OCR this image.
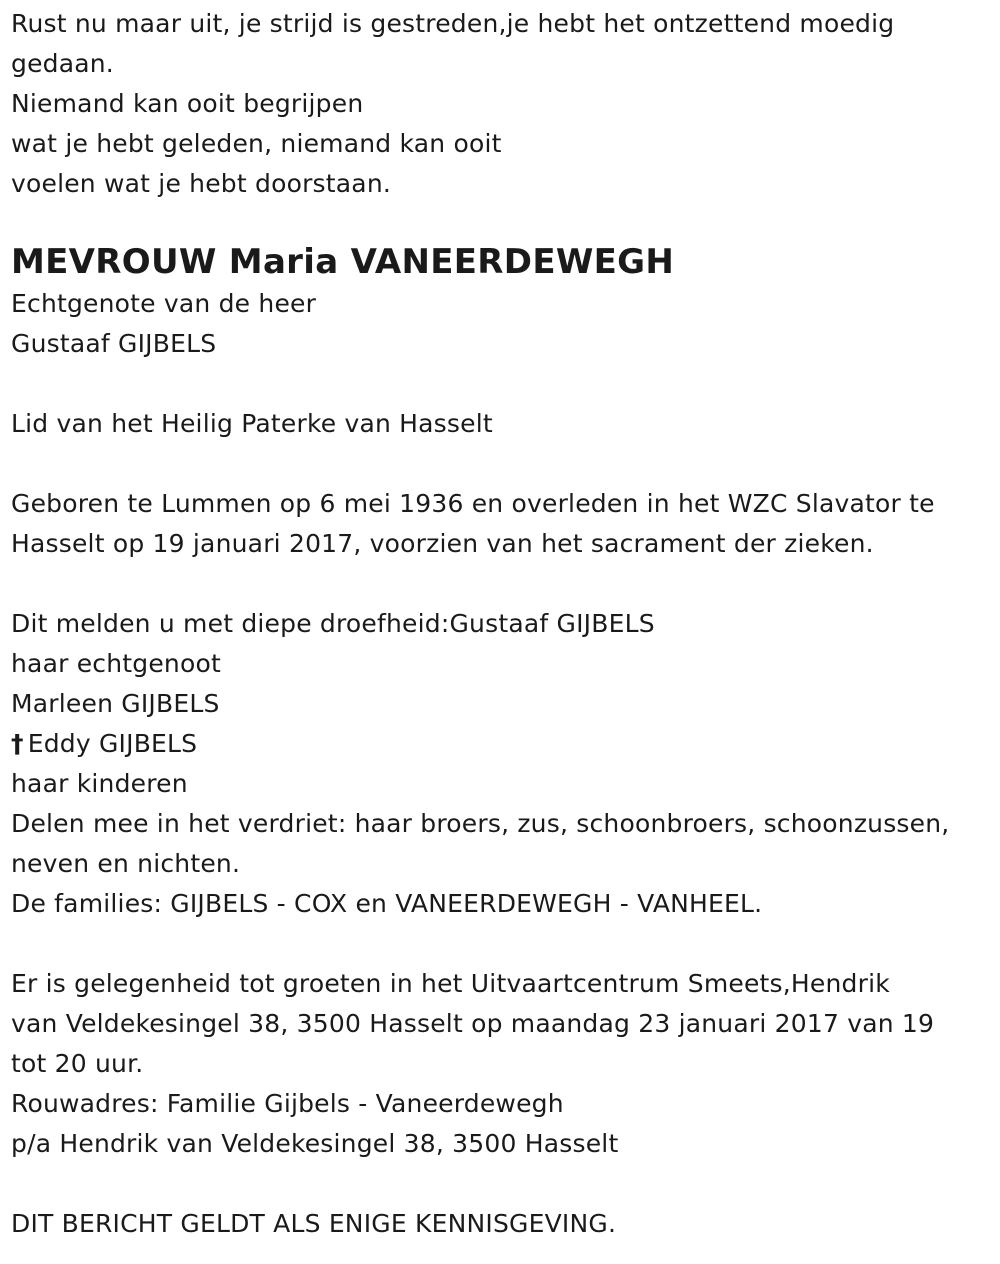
Rust nu maar uit, je strijd is gestreden,je hebt het ontzettend moedig
gedaan.
Niemand kan ooit begrijpen
wat je hebt geleden, niemand kan ooit
voelen wat je hebt doorstaan.
MEVROUW Maria VANEERDEWEGH
Echtgenote van de heer
Gustaaf GIJBELS
Lid van het Heilig Paterke van Hasselt
Geboren te Lummen op 6 mei 1936 en overleden in het WZC Slavator te
Hasselt op 19 januari 2017, voorzien van het sacrament der zieken.
Dit melden u met diepe droefheid:Gustaaf GIJBELS
haar echtgenoot
Marleen GIJBELS
† Eddy GIJBELS
haar kinderen
Delen mee in het verdriet: haar broers, zus, schoonbroers, schoonzussen,
neven en nichten.
De families: GIJBELS - COX en VANEERDEWEGH - VANHEEL.
Er is gelegenheid tot groeten in het Uitvaartcentrum Smeets,Hendrik
van Veldekesingel 38, 3500 Hasselt op maandag 23 januari 2017 van 19
tot 20 uur.
Rouwadres: Familie Gijbels - Vaneerdewegh
p/a Hendrik van Veldekesingel 38, 3500 Hasselt
DIT BERICHT GELDT ALS ENIGE KENNISGEVING.
